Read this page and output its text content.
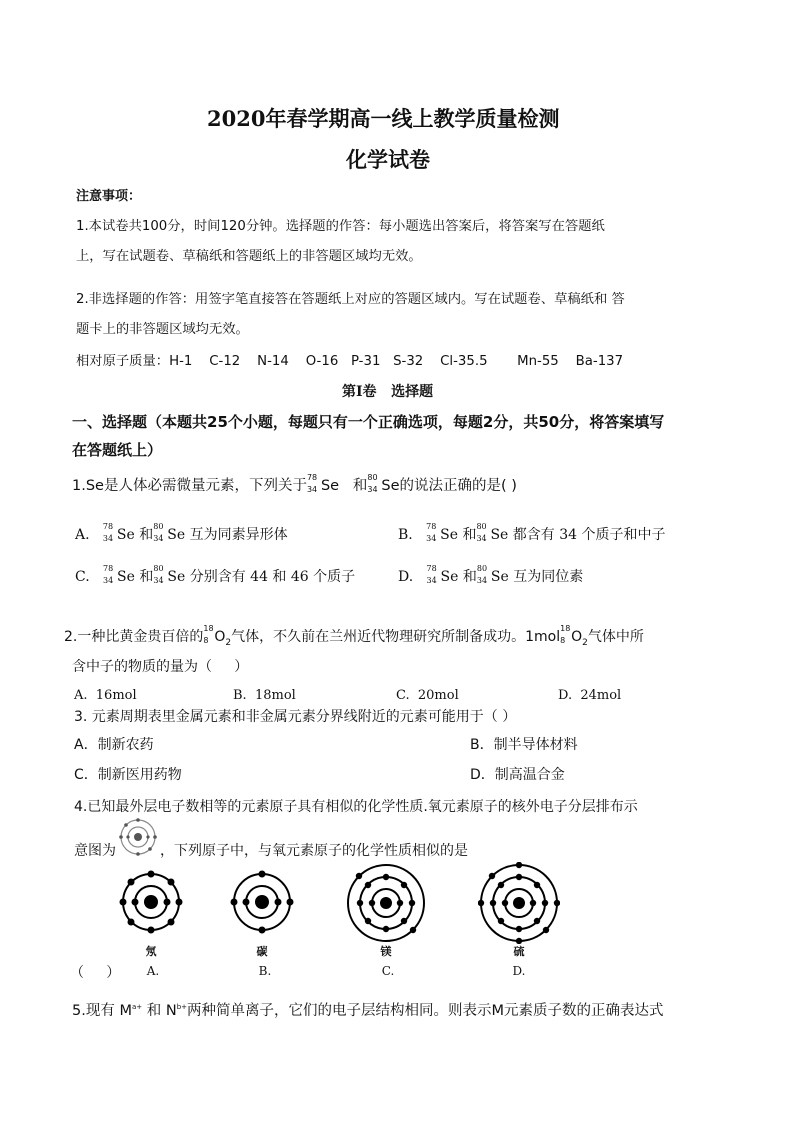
2020年春学期高一线上教学质量检测
化学试卷
注意事项：
1.本试卷共100分，时间120分钟。选择题的作答：每小题选出答案后，将答案写在答题纸
上，写在试题卷、草稿纸和答题纸上的非答题区域均无效。
2.非选择题的作答：用签字笔直接答在答题纸上对应的答题区域内。写在试题卷、草稿纸和 答
题卡上的非答题区域均无效。
相对原子质量：H-1    C-12    N-14    O-16   P-31   S-32    Cl-35.5       Mn-55    Ba-137
第Ⅰ卷   选择题
一、选择题（本题共25个小题，每题只有一个正确选项，每题2分，共50分，将答案填写
在答题纸上）
1.Se是人体必需微量元素，下列关于
78
34 Se 和
80
34 Se的说法正确的是( )
A.
78
34 Se 和
80
34 Se 互为同素异形体	B.
78
34 Se 和
80
34 Se 都含有 34 个质子和中子
C.
78
34 Se 和
80
34 Se 分别含有 44 和 46 个质子	D.
78
34 Se 和
80
34 Se 互为同位素
2.一种比黄金贵百倍的
18
8 $O_2$气体，不久前在兰州近代物理研究所制备成功。1mol
18
8 $O_2$气体中所
含中子的物质的量为（     ）
A.  16mol	B.  18mol	C.  20mol	D.  24mol
3. 元素周期表里金属元素和非金属元素分界线附近的元素可能用于（ ）
A．制新农药	B．制半导体材料
C．制新医用药物	D．制高温合金
4.已知最外层电子数相等的元素原子具有相似的化学性质.氧元素原子的核外电子分层排布示
意图为	，下列原子中，与氧元素原子的化学性质相似的是
氖	碳	镁	硫
（     ）	A.	B.	C.	D.
5.现有 $M^{a+}$ 和 $N^{b+}$两种简单离子，它们的电子层结构相同。则表示M元素质子数的正确表达式
